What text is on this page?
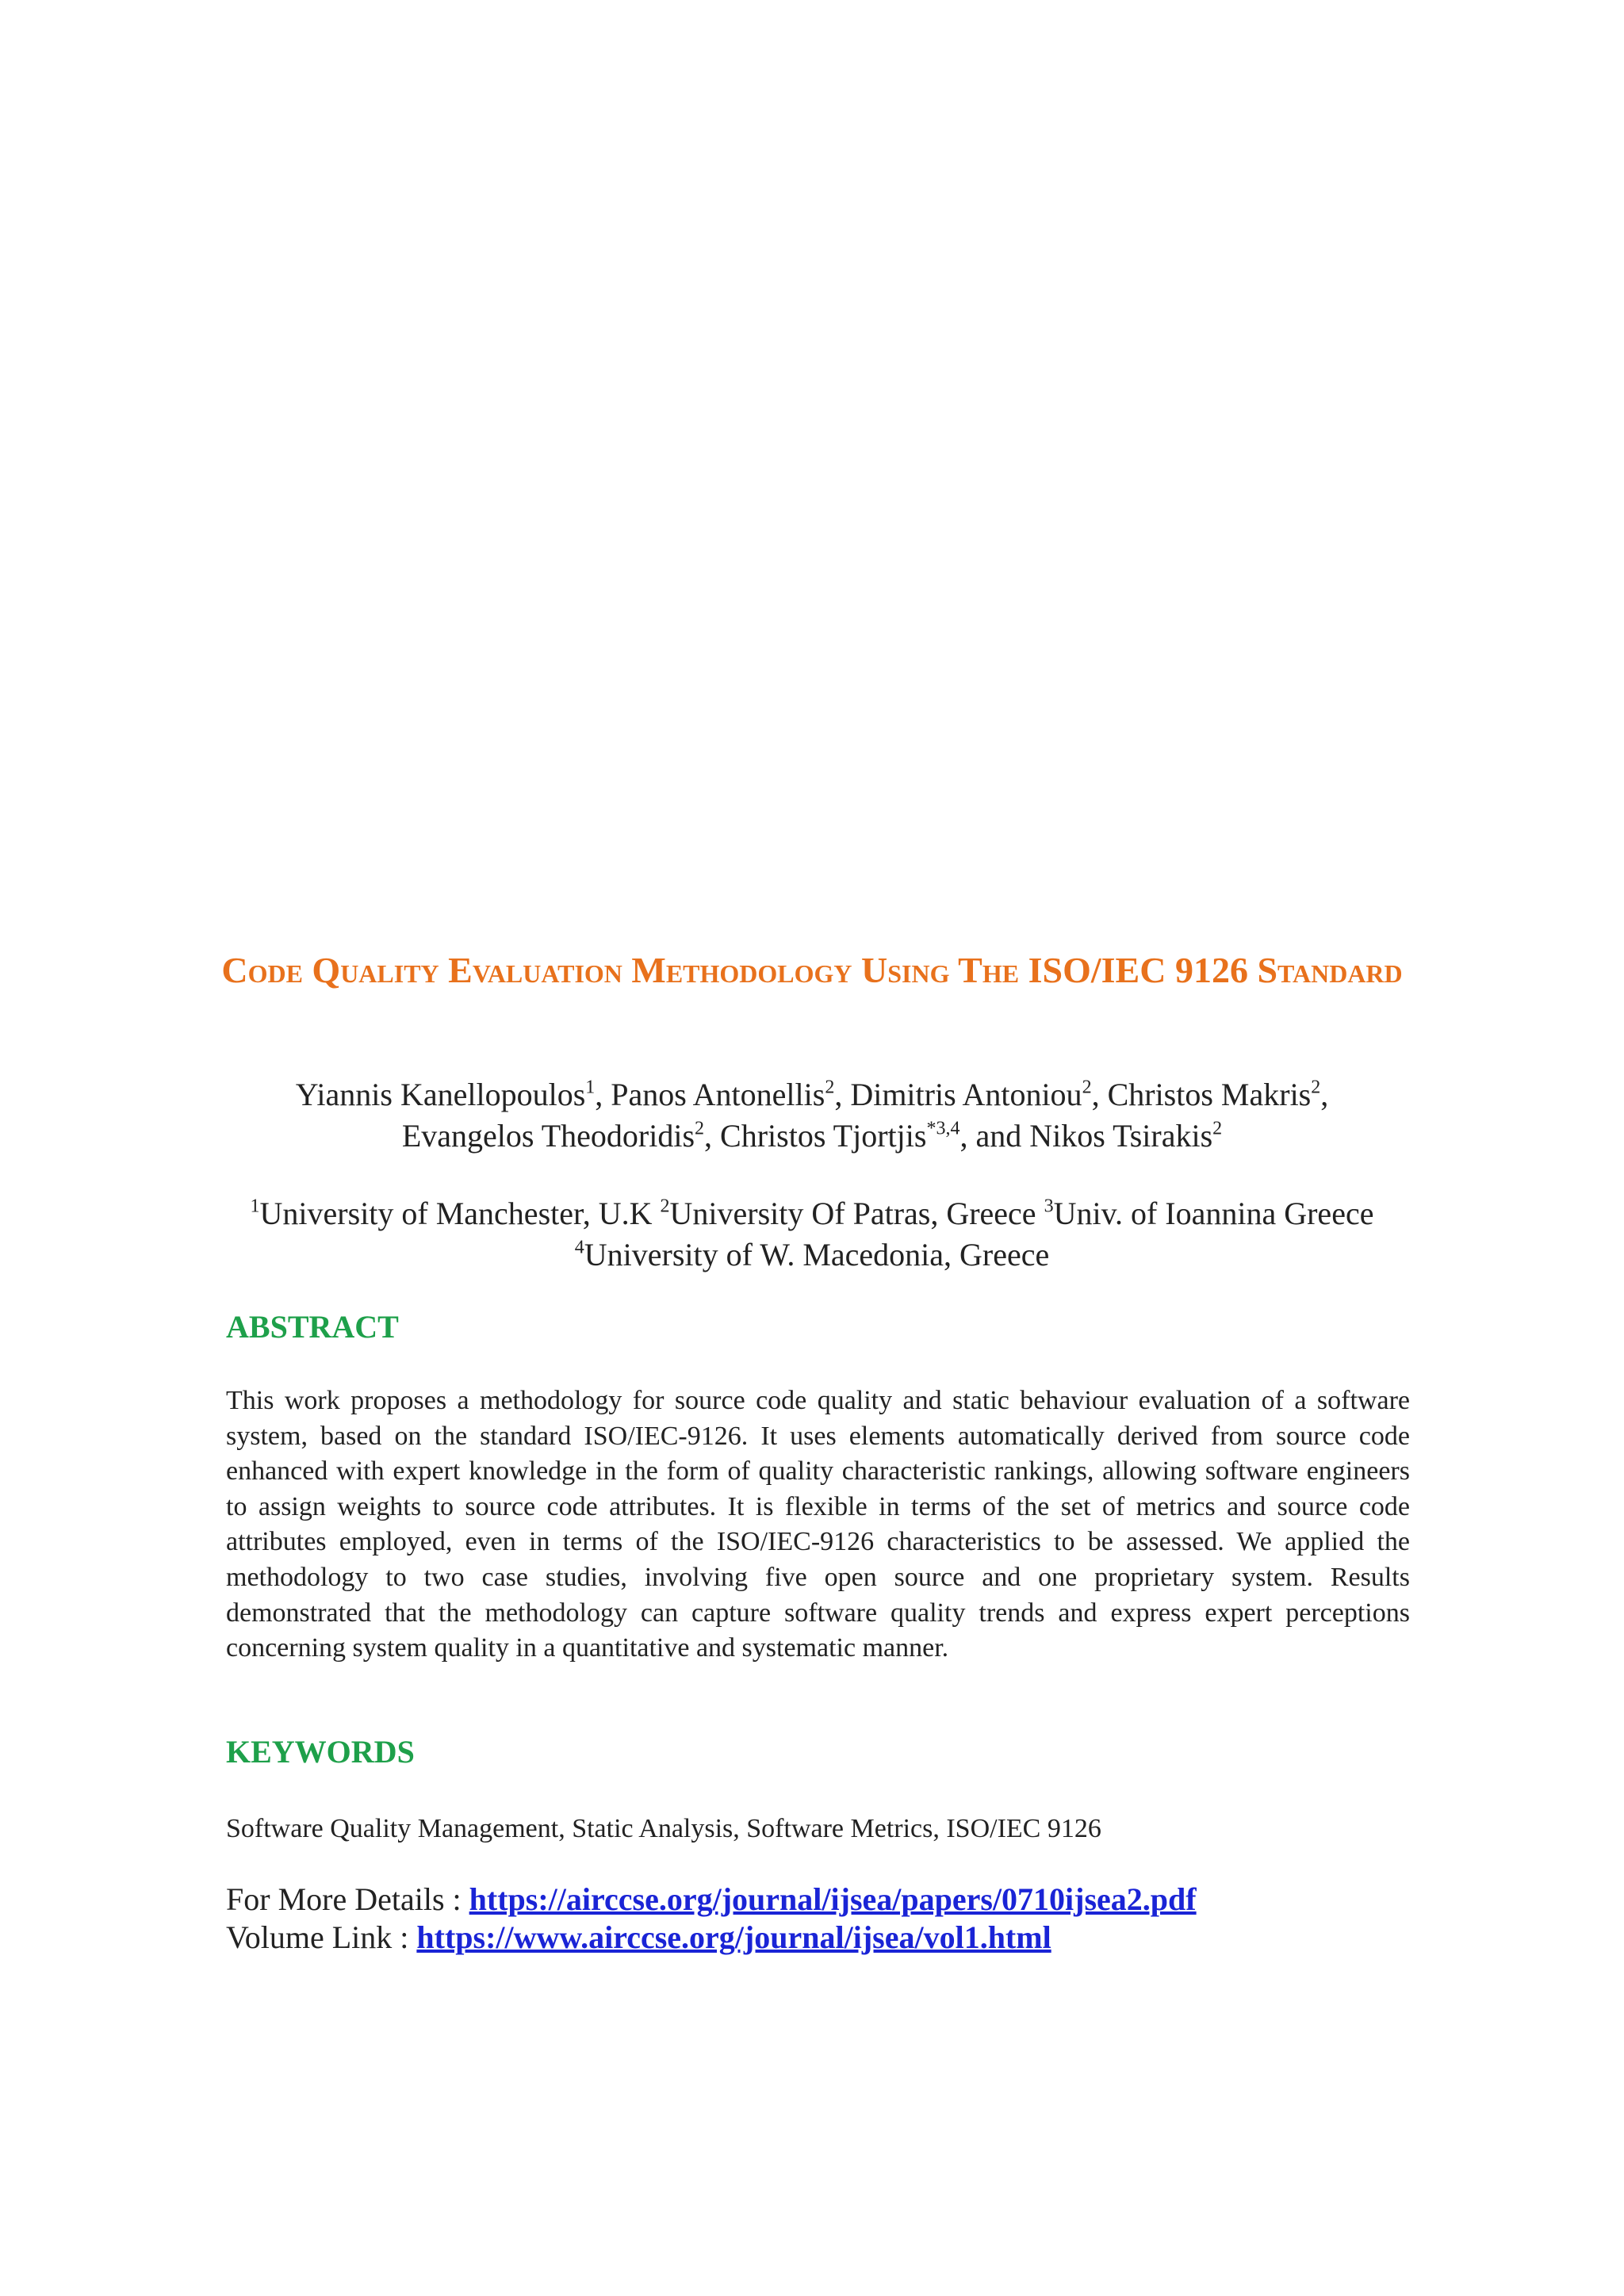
Code Quality Evaluation Methodology Using The ISO/IEC 9126 Standard
Yiannis Kanellopoulos$^1$, Panos Antonellis$^2$, Dimitris Antoniou$^2$, Christos Makris$^2$,
Evangelos Theodoridis$^2$, Christos Tjortjis$^{*3,4}$, and Nikos Tsirakis$^2$
$^1$University of Manchester, U.K $^2$University Of Patras, Greece $^3$Univ. of Ioannina Greece
$^4$University of W. Macedonia, Greece
ABSTRACT
This work proposes a methodology for source code quality and static behaviour evaluation of a software system, based on the standard ISO/IEC-9126. It uses elements automatically derived from source code enhanced with expert knowledge in the form of quality characteristic rankings, allowing software engineers to assign weights to source code attributes. It is flexible in terms of the set of metrics and source code attributes employed, even in terms of the ISO/IEC-9126 characteristics to be assessed. We applied the methodology to two case studies, involving five open source and one proprietary system. Results demonstrated that the methodology can capture software quality trends and express expert perceptions concerning system quality in a quantitative and systematic manner.
KEYWORDS
Software Quality Management, Static Analysis, Software Metrics, ISO/IEC 9126
For More Details : https://airccse.org/journal/ijsea/papers/0710ijsea2.pdf
Volume Link : https://www.airccse.org/journal/ijsea/vol1.html
